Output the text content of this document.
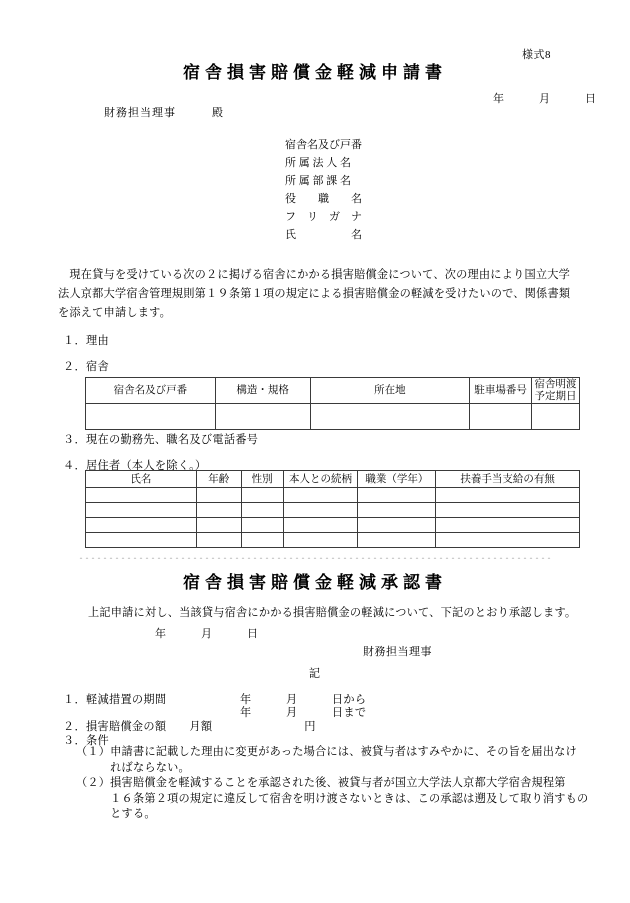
様式8
宿舎損害賠償金軽減申請書
年　　　月　　　日
財務担当理事　　　殿
宿舎名及び戸番
所 属 法 人 名
所 属 部 課 名
役　　職　　名
フ　リ　ガ　ナ
氏　　　　　名
　現在貸与を受けている次の２に掲げる宿舎にかかる損害賠償金について、次の理由により国立大学
法人京都大学宿舎管理規則第１９条第１項の規定による損害賠償金の軽減を受けたいので、関係書類
を添えて申請します。
１．理由
２．宿舎
宿舎名及び戸番	構造・規格	所在地	駐車場番号	宿舎明渡
予定期日

３．現在の勤務先、職名及び電話番号
４．居住者（本人を除く。）
氏名	年齢	性別	本人との続柄	職業（学年）	扶養手当支給の有無

宿舎損害賠償金軽減承認書
上記申請に対し、当該貸与宿舎にかかる損害賠償金の軽減について、下記のとおり承認します。
年　　　月　　　日
財務担当理事
記
１．軽減措置の期間	年　　　月　　　日から
年　　　月　　　日まで
２．損害賠償金の額　　月額　　　　　　　　円
３．条件
（１）申請書に記載した理由に変更があった場合には、被貸与者はすみやかに、その旨を届出なけ
　　　ればならない。
（２）損害賠償金を軽減することを承認された後、被貸与者が国立大学法人京都大学宿舎規程第
　　　１６条第２項の規定に違反して宿舎を明け渡さないときは、この承認は遡及して取り消すもの
　　　とする。
